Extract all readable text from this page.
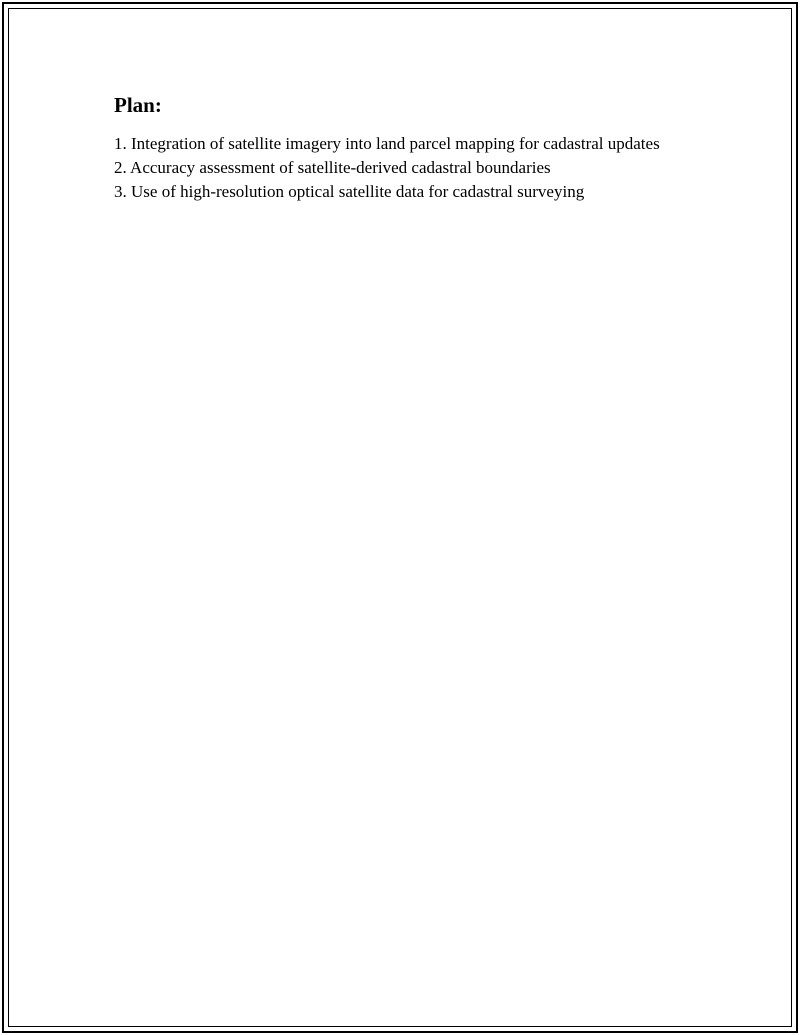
Plan:
1. Integration of satellite imagery into land parcel mapping for cadastral updates
2. Accuracy assessment of satellite-derived cadastral boundaries
3. Use of high-resolution optical satellite data for cadastral surveying
